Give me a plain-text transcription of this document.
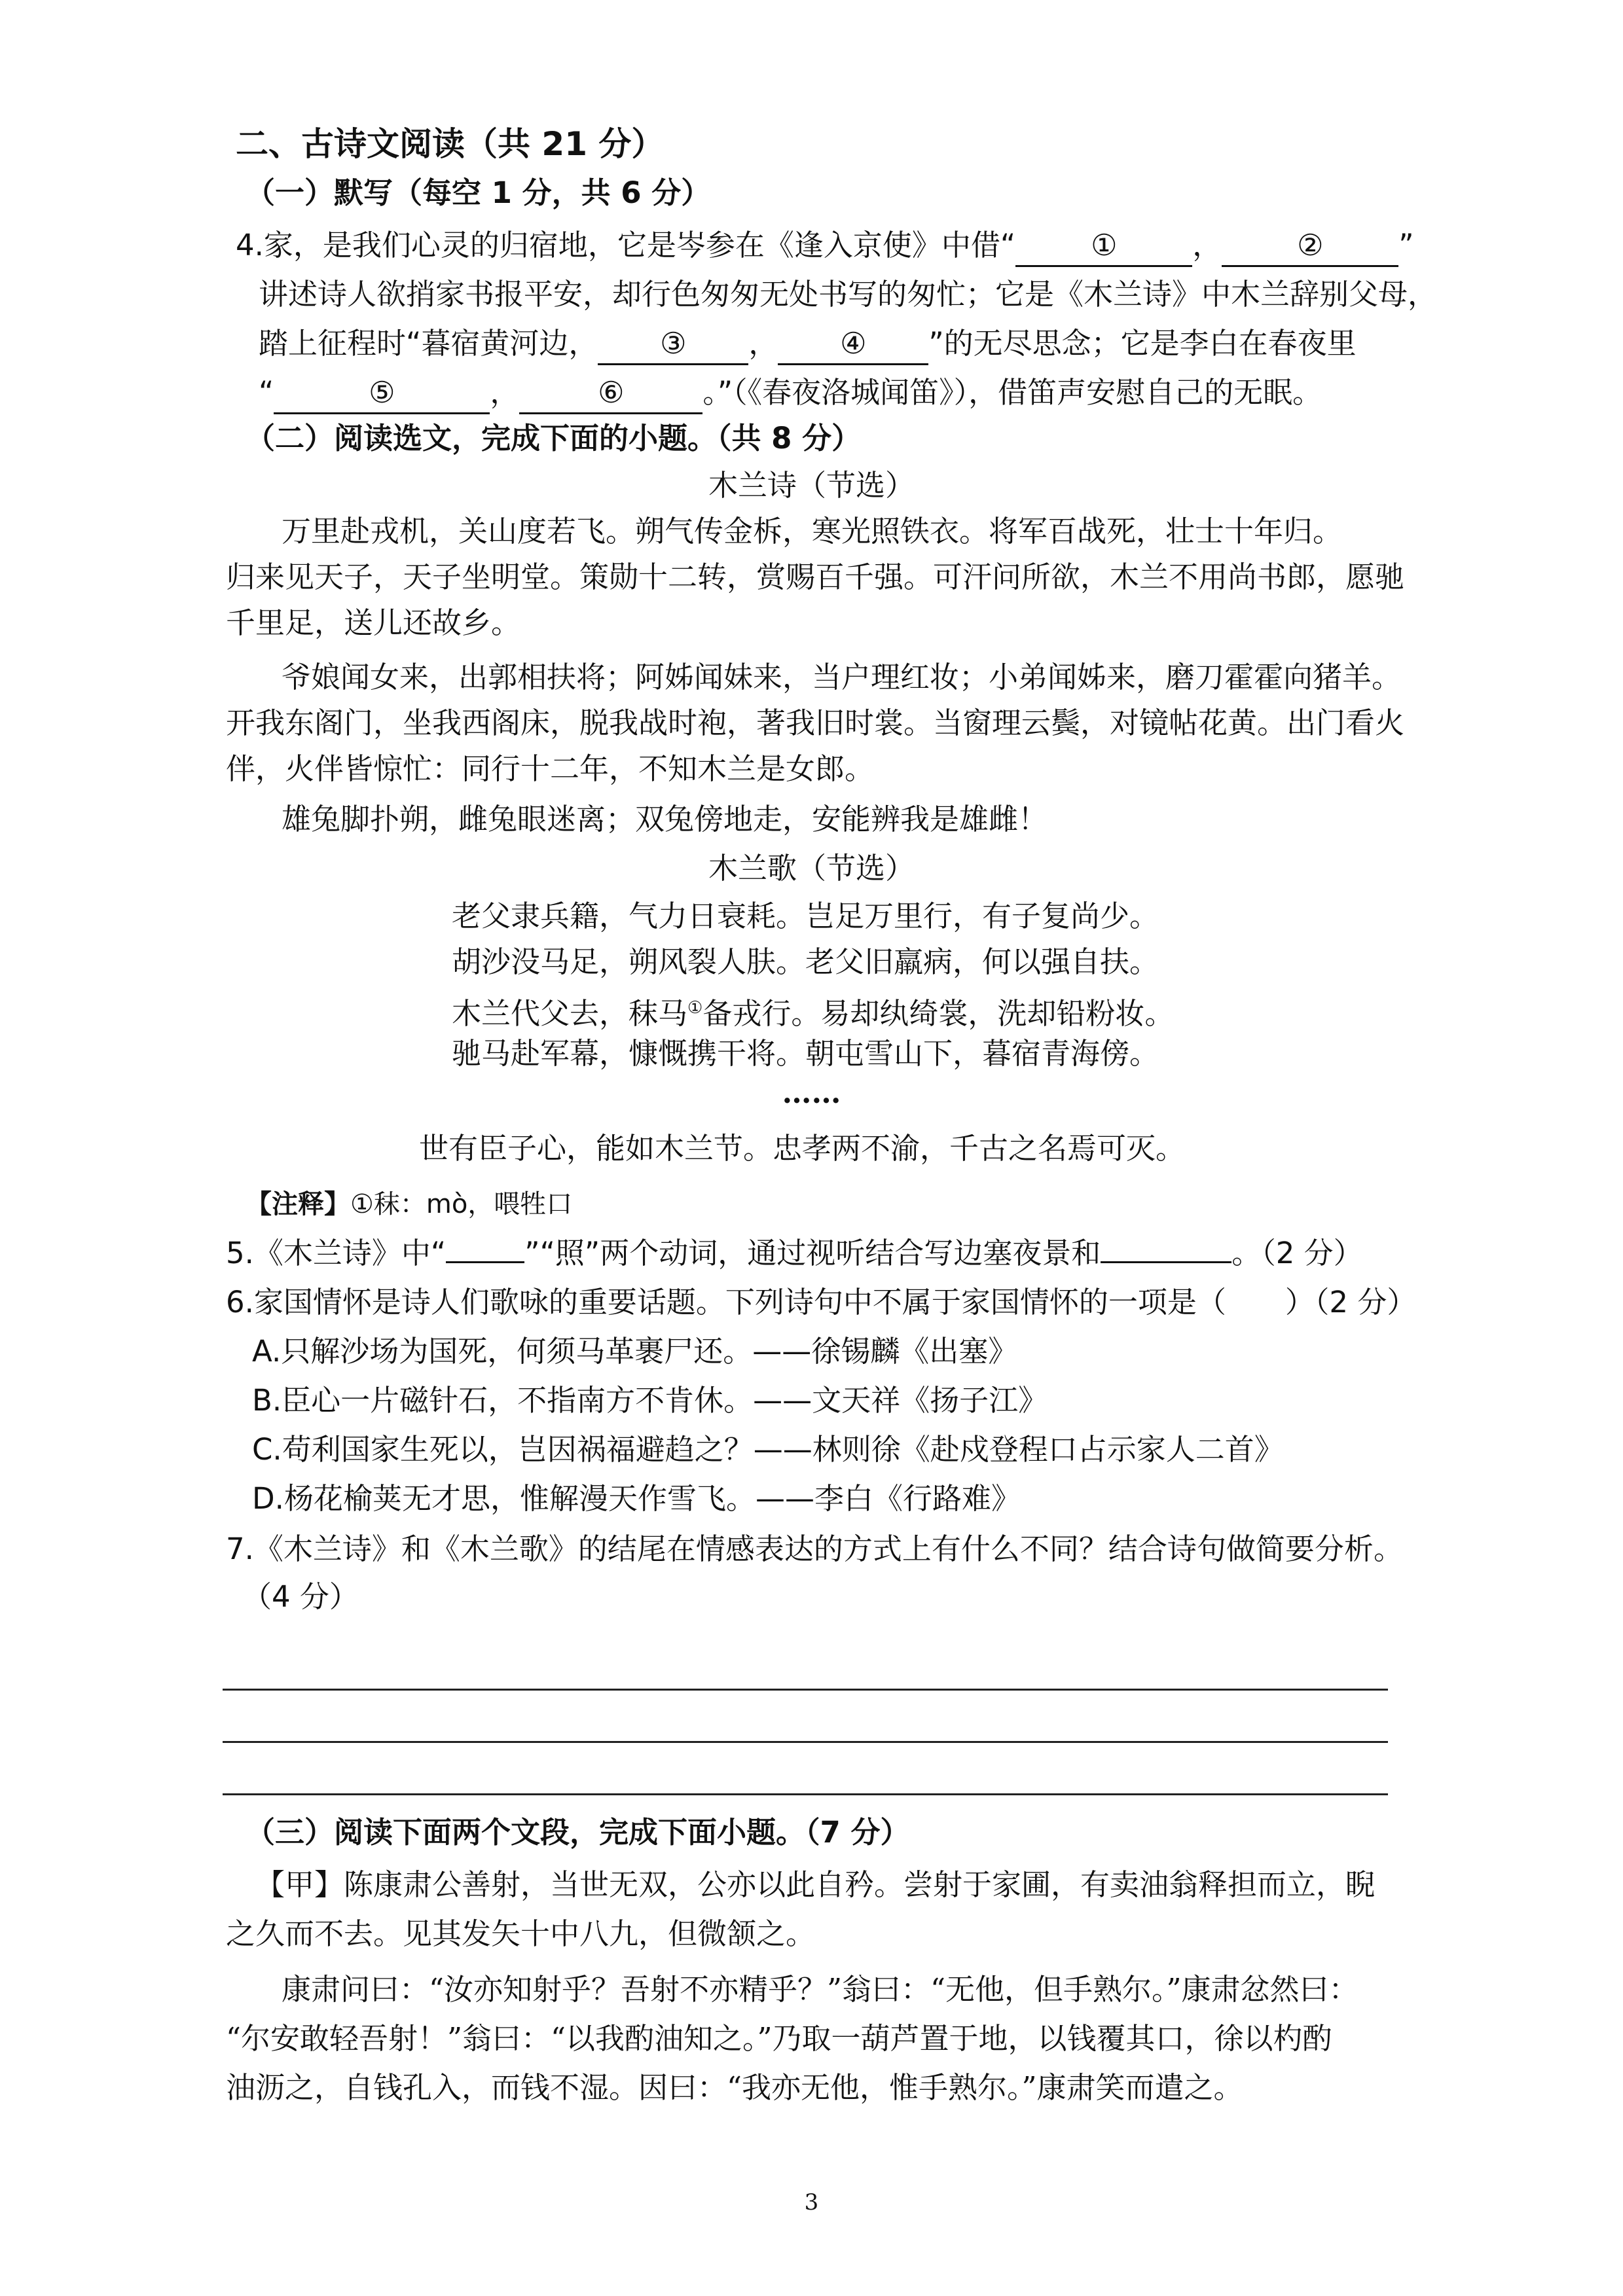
二、古诗文阅读（共 21 分）
（一）默写（每空 1 分，共 6 分）
4.家，是我们心灵的归宿地，它是岑参在《逢入京使》中借“	①	，	②	”
讲述诗人欲捎家书报平安，却行色匆匆无处书写的匆忙；它是《木兰诗》中木兰辞别父母，
踏上征程时“暮宿黄河边， ③ ， ④ ”的无尽思念；它是李白在春夜里
“	⑤	，	⑥	。”（《春夜洛城闻笛》），借笛声安慰自己的无眠。
（二）阅读选文，完成下面的小题。（共 8 分）
木兰诗（节选）
万里赴戎机，关山度若飞。朔气传金柝，寒光照铁衣。将军百战死，壮士十年归。
归来见天子，天子坐明堂。策勋十二转，赏赐百千强。可汗问所欲，木兰不用尚书郎，愿驰
千里足，送儿还故乡。
爷娘闻女来，出郭相扶将；阿姊闻妹来，当户理红妆；小弟闻姊来，磨刀霍霍向猪羊。
开我东阁门，坐我西阁床，脱我战时袍，著我旧时裳。当窗理云鬓，对镜帖花黄。出门看火
伴，火伴皆惊忙：同行十二年，不知木兰是女郎。
雄兔脚扑朔，雌兔眼迷离；双兔傍地走，安能辨我是雄雌！
木兰歌（节选）
老父隶兵籍，气力日衰耗。岂足万里行，有子复尚少。
胡沙没马足，朔风裂人肤。老父旧羸病，何以强自扶。
木兰代父去，秣马①备戎行。易却纨绮裳，洗却铅粉妆。
驰马赴军幕，慷慨携干将。朝屯雪山下，暮宿青海傍。
……
世有臣子心，能如木兰节。忠孝两不渝，千古之名焉可灭。
【注释】①秣：mò，喂牲口
5.《木兰诗》中“	”“照”两个动词，通过视听结合写边塞夜景和	。（2 分）
6.家国情怀是诗人们歌咏的重要话题。下列诗句中不属于家国情怀的一项是（　　）（2 分）
A.只解沙场为国死，何须马革裹尸还。——徐锡麟《出塞》
B.臣心一片磁针石，不指南方不肯休。——文天祥《扬子江》
C.苟利国家生死以，岂因祸福避趋之？——林则徐《赴戍登程口占示家人二首》
D.杨花榆荚无才思，惟解漫天作雪飞。——李白《行路难》
7.《木兰诗》和《木兰歌》的结尾在情感表达的方式上有什么不同？结合诗句做简要分析。
（4 分）
（三）阅读下面两个文段，完成下面小题。（7 分）
【甲】陈康肃公善射，当世无双，公亦以此自矜。尝射于家圃，有卖油翁释担而立，睨
之久而不去。见其发矢十中八九，但微颔之。
康肃问曰：“汝亦知射乎？吾射不亦精乎？”翁曰：“无他，但手熟尔。”康肃忿然曰：
“尔安敢轻吾射！”翁曰：“以我酌油知之。”乃取一葫芦置于地，以钱覆其口，徐以杓酌
油沥之，自钱孔入，而钱不湿。因曰：“我亦无他，惟手熟尔。”康肃笑而遣之。
3
